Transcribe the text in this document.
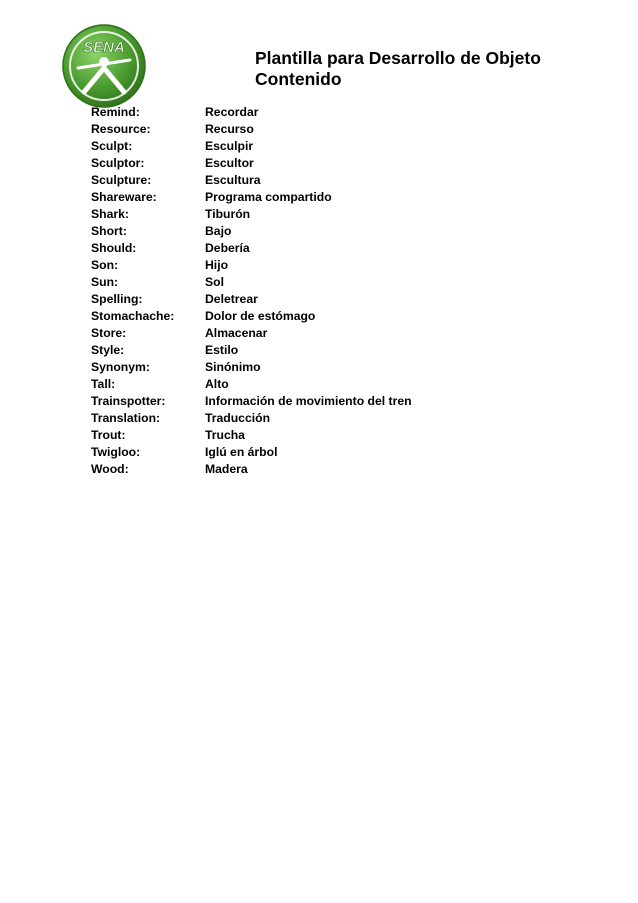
SENA
Plantilla para Desarrollo de Objeto
Contenido
Remind:	Recordar
Resource:	Recurso
Sculpt:	Esculpir
Sculptor:	Escultor
Sculpture:	Escultura
Shareware:	Programa compartido
Shark:	Tiburón
Short:	Bajo
Should:	Debería
Son:	Hijo
Sun:	Sol
Spelling:	Deletrear
Stomachache:	Dolor de estómago
Store:	Almacenar
Style:	Estilo
Synonym:	Sinónimo
Tall:	Alto
Trainspotter:	Información de movimiento del tren
Translation:	Traducción
Trout:	Trucha
Twigloo:	Iglú en árbol
Wood:	Madera
